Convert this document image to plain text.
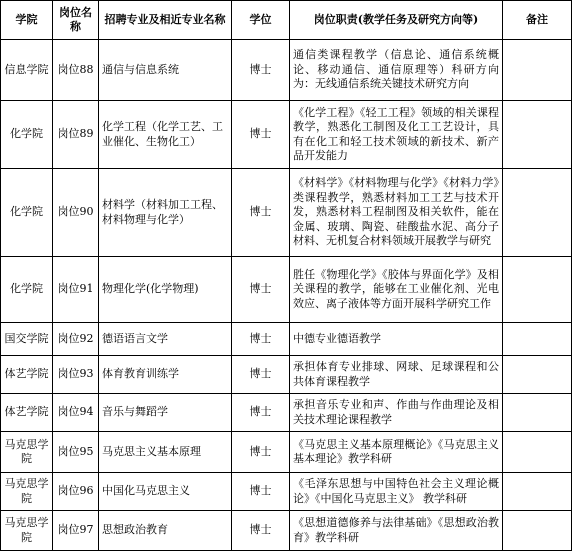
学院	岗位名称	招聘专业及相近专业名称	学位	岗位职责(教学任务及研究方向等)	备注
信息学院	岗位88	通信与信息系统	博士	通信类课程教学（信息论、通信系统概论、移动通信、通信原理等）科研方向为：无线通信系统关键技术研究方向	
化学院	岗位89	化学工程（化学工艺、工业催化、生物化工）	博士	《化学工程》《轻工工程》领域的相关课程教学，熟悉化工制图及化工工艺设计，具有在化工和轻工技术领域的新技术、新产品开发能力	
化学院	岗位90	材料学（材料加工工程、材料物理与化学）	博士	《材料学》《材料物理与化学》《材料力学》类课程教学，熟悉材料加工工艺与技术开发，熟悉材料工程制图及相关软件，能在金属、玻璃、陶瓷、硅酸盐水泥、高分子材料、无机复合材料领域开展教学与研究	
化学院	岗位91	物理化学(化学物理)	博士	胜任《物理化学》《胶体与界面化学》及相关课程的教学，能够在工业催化剂、光电效应、离子液体等方面开展科学研究工作	
国交学院	岗位92	德语语言文学	博士	中德专业德语教学	
体艺学院	岗位93	体育教育训练学	博士	承担体育专业排球、网球、足球课程和公共体育课程教学	
体艺学院	岗位94	音乐与舞蹈学	博士	承担音乐专业和声、作曲与作曲理论及相关技术理论课程教学	
马克思学院	岗位95	马克思主义基本原理	博士	《马克思主义基本原理概论》《马克思主义基本理论》教学科研	
马克思学院	岗位96	中国化马克思主义	博士	《毛泽东思想与中国特色社会主义理论概论》《中国化马克思主义》 教学科研	
马克思学院	岗位97	思想政治教育	博士	《思想道德修养与法律基础》《思想政治教育》教学科研	
